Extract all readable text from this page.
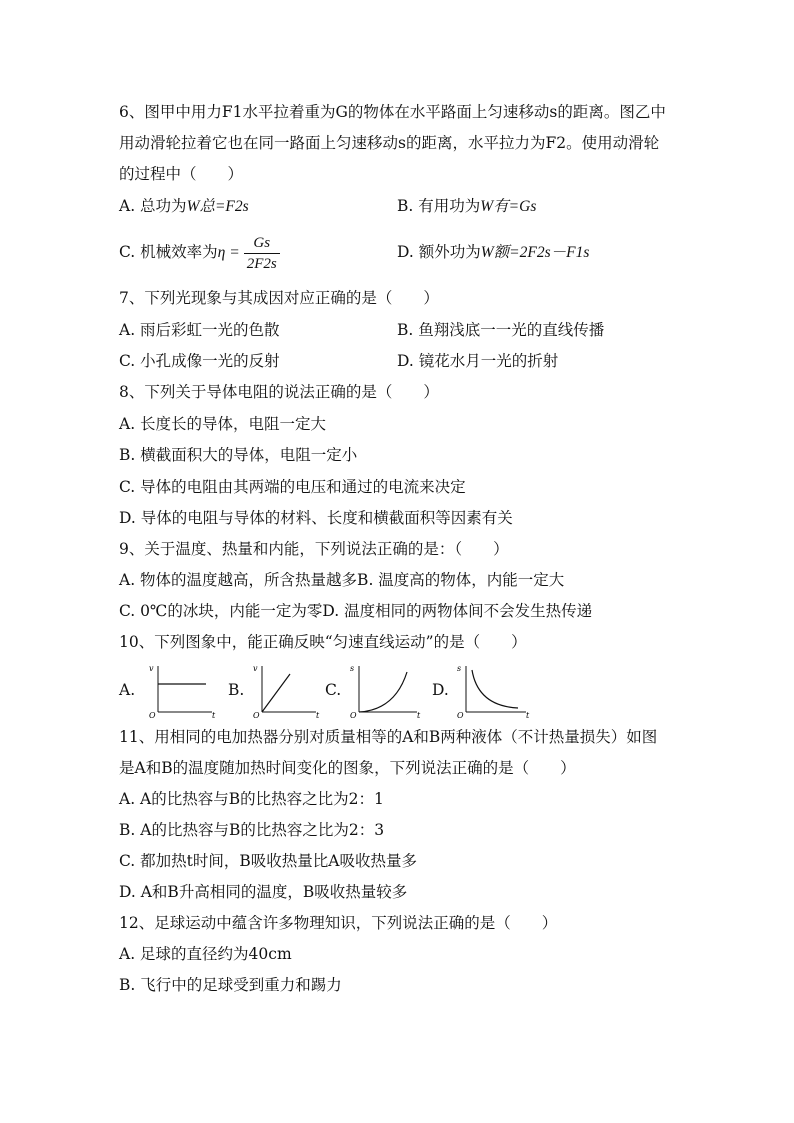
6、图甲中用力F1水平拉着重为G的物体在水平路面上匀速移动s的距离。图乙中
用动滑轮拉着它也在同一路面上匀速移动s的距离，水平拉力为F2。使用动滑轮
的过程中（　　）
A. 总功为W总=F2s	B. 有用功为W有=Gs
C. 机械效率为$\eta = \frac{Gs}{2F2s}$	D. 额外功为W额=2F2s－F1s
7、下列光现象与其成因对应正确的是（　　）
A. 雨后彩虹一光的色散	B. 鱼翔浅底一一光的直线传播
C. 小孔成像一光的反射	D. 镜花水月一光的折射
8、下列关于导体电阻的说法正确的是（　　）
A. 长度长的导体，电阻一定大
B. 横截面积大的导体，电阻一定小
C. 导体的电阻由其两端的电压和通过的电流来决定
D. 导体的电阻与导体的材料、长度和横截面积等因素有关
9、关于温度、热量和内能，下列说法正确的是：（　　）
A. 物体的温度越高，所含热量越多B. 温度高的物体，内能一定大
C. 0℃的冰块，内能一定为零D. 温度相同的两物体间不会发生热传递
10、下列图象中，能正确反映“匀速直线运动”的是（　　）
A.
v
t
O
B.
v
t
O
C.
s
t
O
D.
s
t
O
11、用相同的电加热器分别对质量相等的A和B两种液体（不计热量损失）如图
是A和B的温度随加热时间变化的图象，下列说法正确的是（　　）
A. A的比热容与B的比热容之比为2：1
B. A的比热容与B的比热容之比为2：3
C. 都加热t时间，B吸收热量比A吸收热量多
D. A和B升高相同的温度，B吸收热量较多
12、足球运动中蕴含许多物理知识，下列说法正确的是（　　）
A. 足球的直径约为40cm
B. 飞行中的足球受到重力和踢力
